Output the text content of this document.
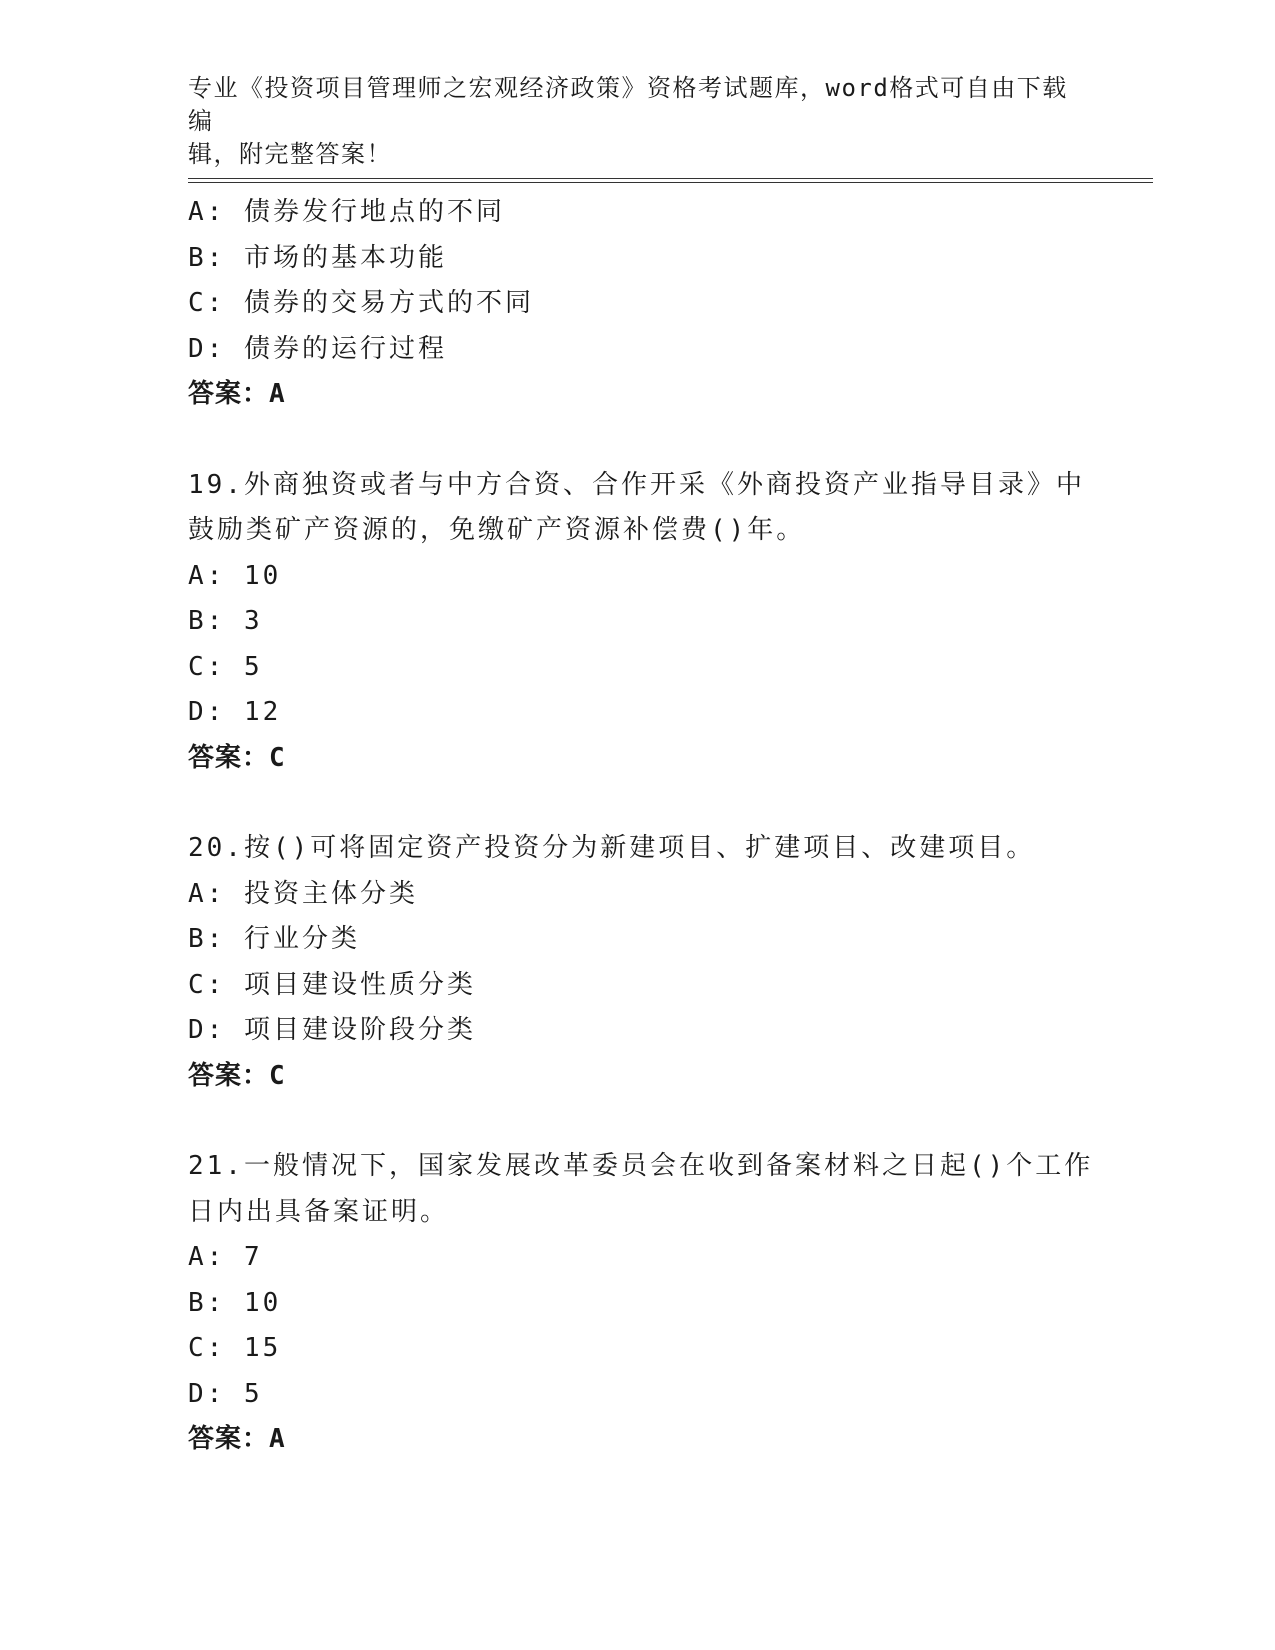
专业《投资项目管理师之宏观经济政策》资格考试题库，word格式可自由下载编
辑，附完整答案！
A: 债券发行地点的不同
B: 市场的基本功能
C: 债券的交易方式的不同
D: 债券的运行过程
答案：A
19.外商独资或者与中方合资、合作开采《外商投资产业指导目录》中
鼓励类矿产资源的，免缴矿产资源补偿费()年。
A: 10
B: 3
C: 5
D: 12
答案：C
20.按()可将固定资产投资分为新建项目、扩建项目、改建项目。
A: 投资主体分类
B: 行业分类
C: 项目建设性质分类
D: 项目建设阶段分类
答案：C
21.一般情况下，国家发展改革委员会在收到备案材料之日起()个工作
日内出具备案证明。
A: 7
B: 10
C: 15
D: 5
答案：A
